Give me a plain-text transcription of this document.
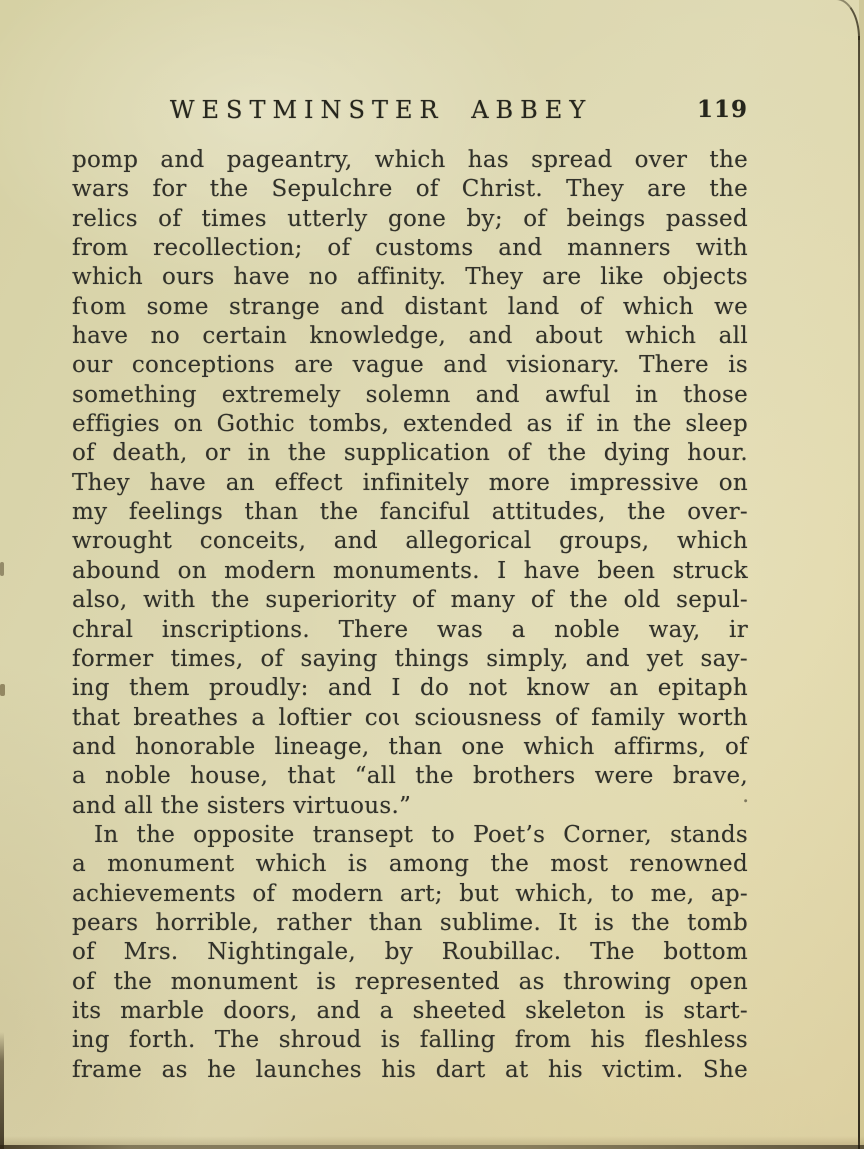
WESTMINSTER ABBEY	119
pomp and pageantry, which has spread over the
wars for the Sepulchre of Christ. They are the
relics of times utterly gone by; of beings passed
from recollection; of customs and manners with
which ours have no affinity. They are like objects
fɩom some strange and distant land of which we
have no certain knowledge, and about which all
our conceptions are vague and visionary. There is
something extremely solemn and awful in those
effigies on Gothic tombs, extended as if in the sleep
of death, or in the supplication of the dying hour.
They have an effect infinitely more impressive on
my feelings than the fanciful attitudes, the over-
wrought conceits, and allegorical groups, which
abound on modern monuments. I have been struck
also, with the superiority of many of the old sepul-
chral inscriptions. There was a noble way, ir
former times, of saying things simply, and yet say-
ing them proudly: and I do not know an epitaph
that breathes a loftier coɩ sciousness of family worth
and honorable lineage, than one which affirms, of
a noble house, that “all the brothers were brave,
and all the sisters virtuous.”
In the opposite transept to Poet’s Corner, stands
a monument which is among the most renowned
achievements of modern art; but which, to me, ap-
pears horrible, rather than sublime. It is the tomb
of Mrs. Nightingale, by Roubillac. The bottom
of the monument is represented as throwing open
its marble doors, and a sheeted skeleton is start-
ing forth. The shroud is falling from his fleshless
frame as he launches his dart at his victim. She
.
